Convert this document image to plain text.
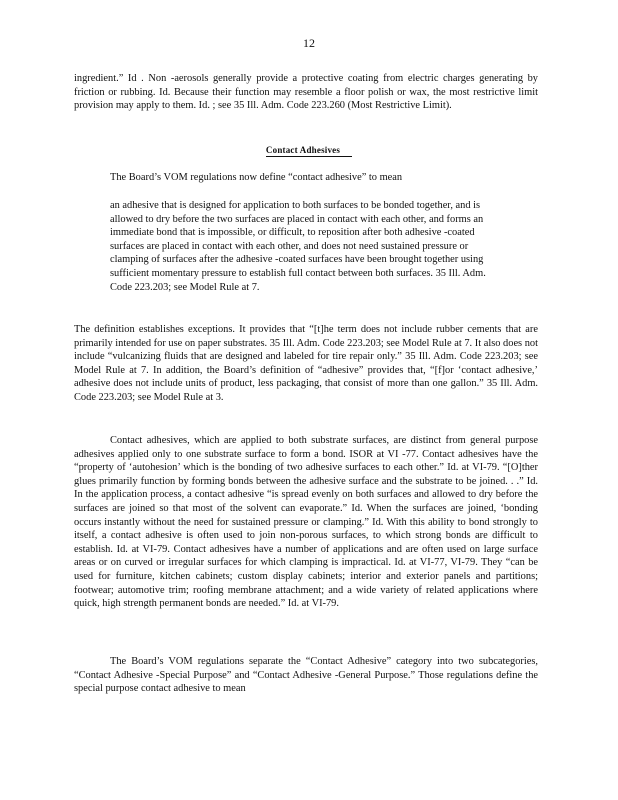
12
ingredient.” Id . Non -aerosols generally provide a protective coating from electric charges generating by friction or rubbing. Id. Because their function may resemble a floor polish or wax, the most restrictive limit provision may apply to them. Id. ; see 35 Ill. Adm. Code 223.260 (Most Restrictive Limit).
Contact Adhesives
The Board’s VOM regulations now define “contact adhesive” to mean
an adhesive that is designed for application to both surfaces to be bonded together, and is allowed to dry before the two surfaces are placed in contact with each other, and forms an immediate bond that is impossible, or difficult, to reposition after both adhesive -coated surfaces are placed in contact with each other, and does not need sustained pressure or clamping of surfaces after the adhesive -coated surfaces have been brought together using sufficient momentary pressure to establish full contact between both surfaces. 35 Ill. Adm. Code 223.203; see Model Rule at 7.
The definition establishes exceptions. It provides that “[t]he term does not include rubber cements that are primarily intended for use on paper substrates. 35 Ill. Adm. Code 223.203; see Model Rule at 7. It also does not include “vulcanizing fluids that are designed and labeled for tire repair only.” 35 Ill. Adm. Code 223.203; see Model Rule at 7. In addition, the Board’s definition of “adhesive” provides that, “[f]or ‘contact adhesive,’ adhesive does not include units of product, less packaging, that consist of more than one gallon.” 35 Ill. Adm. Code 223.203; see Model Rule at 3.
Contact adhesives, which are applied to both substrate surfaces, are distinct from general purpose adhesives applied only to one substrate surface to form a bond. ISOR at VI -77. Contact adhesives have the “property of ‘autohesion’ which is the bonding of two adhesive surfaces to each other.” Id. at VI-79. “[O]ther glues primarily function by forming bonds between the adhesive surface and the substrate to be joined. . .” Id. In the application process, a contact adhesive “is spread evenly on both surfaces and allowed to dry before the surfaces are joined so that most of the solvent can evaporate.” Id. When the surfaces are joined, ‘bonding occurs instantly without the need for sustained pressure or clamping.” Id. With this ability to bond strongly to itself, a contact adhesive is often used to join non-porous surfaces, to which strong bonds are difficult to establish. Id. at VI-79. Contact adhesives have a number of applications and are often used on large surface areas or on curved or irregular surfaces for which clamping is impractical. Id. at VI-77, VI-79. They “can be used for furniture, kitchen cabinets; custom display cabinets; interior and exterior panels and partitions; footwear; automotive trim; roofing membrane attachment; and a wide variety of related applications where quick, high strength permanent bonds are needed.” Id. at VI-79.
The Board’s VOM regulations separate the “Contact Adhesive” category into two subcategories, “Contact Adhesive -Special Purpose” and “Contact Adhesive -General Purpose.” Those regulations define the special purpose contact adhesive to mean
